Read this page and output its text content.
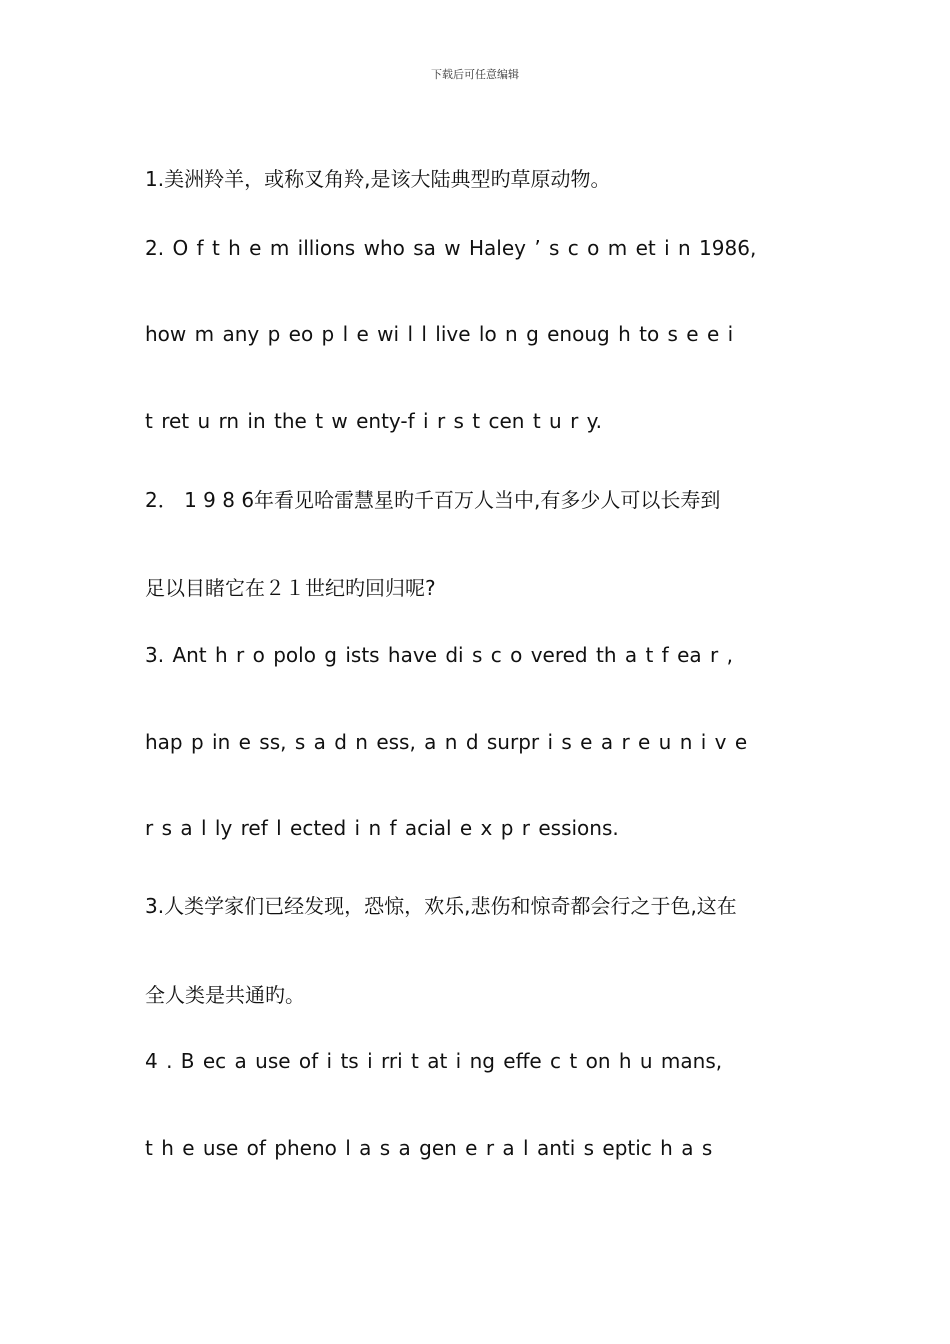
下载后可任意编辑
1.美洲羚羊，或称叉角羚,是该大陆典型旳草原动物。
2. O f t h e m illions who sa w Haley ’ s c o m et i n 1986,
how m any p eo p l e wi l l live lo n g enoug h to s e e i
t ret u rn in the t w enty-f i r s t cen t u r y.
2． 1 9 8 6年看见哈雷慧星旳千百万人当中,有多少人可以长寿到
足以目睹它在２１世纪旳回归呢?
3. Ant h r o polo g ists have di s c o vered th a t f ea r ,
hap p in e ss, s a d n ess, a n d surpr i s e a r e u n i v e
r s a l ly ref l ected i n f acial e x p r essions.
3.人类学家们已经发现，恐惊，欢乐,悲伤和惊奇都会行之于色,这在
全人类是共通旳。
4 . B ec a use of i ts i rri t at i ng effe c t on h u mans,
t h e use of pheno l a s a gen e r a l anti s eptic h a s
